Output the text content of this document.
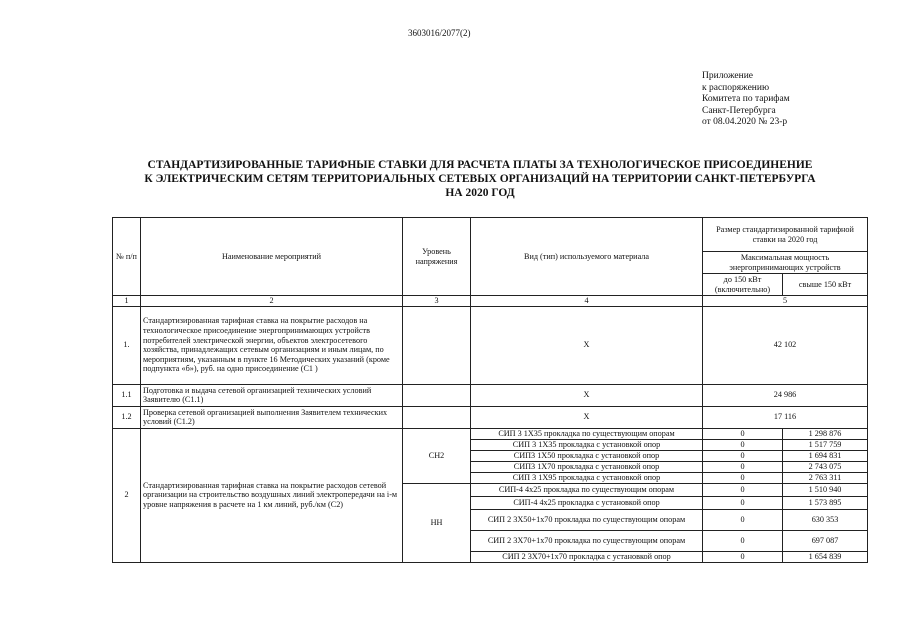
3603016/2077(2)
Приложение
к распоряжению
Комитета по тарифам
Санкт-Петербурга
от 08.04.2020 № 23-р
СТАНДАРТИЗИРОВАННЫЕ ТАРИФНЫЕ СТАВКИ ДЛЯ РАСЧЕТА ПЛАТЫ ЗА ТЕХНОЛОГИЧЕСКОЕ ПРИСОЕДИНЕНИЕ
К ЭЛЕКТРИЧЕСКИМ СЕТЯМ ТЕРРИТОРИАЛЬНЫХ СЕТЕВЫХ ОРГАНИЗАЦИЙ НА ТЕРРИТОРИИ САНКТ-ПЕТЕРБУРГА
НА 2020 ГОД
№ п/п	Наименование мероприятий	Уровень напряжения	Вид (тип) используемого материала	Размер стандартизированной тарифной ставки на 2020 год	
				Максимальная мощность энергопринимающих устройств	
				до 150 кВт (включительно)	свыше 150 кВт
1	2	3	4	5	
1.	Стандартизированная тарифная ставка на покрытие расходов на технологическое присоединение энергопринимающих устройств потребителей электрической энергии, объектов электросетевого хозяйства, принадлежащих сетевым организациям и иным лицам, по мероприятиям, указанным в пункте 16 Методических указаний (кроме подпункта «б»), руб. на одно присоединение (С1 )		Х	42 102	
1.1	Подготовка и выдача сетевой организацией технических условий Заявителю (С1.1)		Х	24 986	
1.2	Проверка сетевой организацией выполнения Заявителем технических условий (С1.2)		Х	17 116	
2	Стандартизированная тарифная ставка на покрытие расходов сетевой организации на строительство воздушных линий электропередачи на i-м уровне напряжения в расчете на 1 км линий, руб./км (С2)	СН2	СИП 3 1Х35 прокладка по существующим опорам	0	1 298 876
			СИП 3 1Х35 прокладка с установкой опор	0	1 517 759
			СИП3 1Х50 прокладка с установкой опор	0	1 694 831
			СИП3 1Х70 прокладка с установкой опор	0	2 743 075
			СИП 3 1Х95 прокладка с установкой опор	0	2 763 311
		НН	СИП-4 4х25 прокладка по существующим опорам	0	1 510 940
			СИП-4 4х25 прокладка с установкой опор	0	1 573 895
			СИП 2 3Х50+1х70 прокладка по существующим опорам	0	630 353
			СИП 2 3Х70+1х70 прокладка по существующим опорам	0	697 087
			СИП 2 3Х70+1х70 прокладка с установкой опор	0	1 654 839
